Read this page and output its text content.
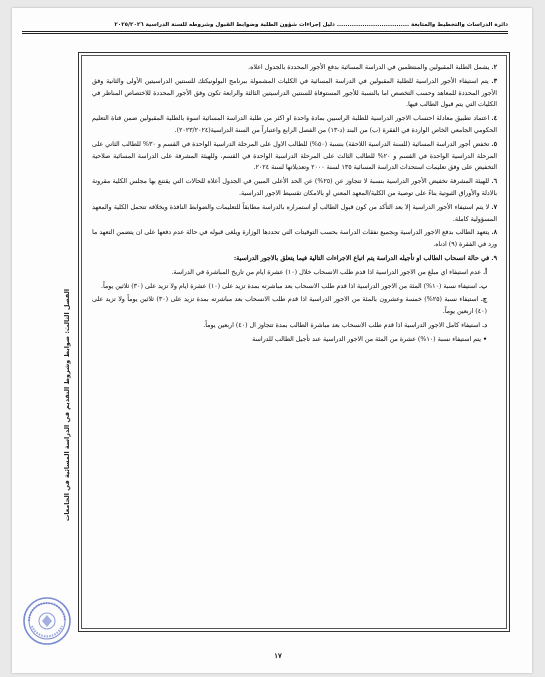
دائرة الدراسات والتخطيط والمتابعة .................................. دليل إجراءات شؤون الطلبة وضوابط القبول وشروطه للسنة الدراسية ٢٠٢٥/٢٠٢٦
الفصل الثالث: ضوابط وشروط التقديم في الدراسة المسائية في الجامعات

٢. يشمل الطلبة المقبولين والمنتظمين في الدراسة المسائية بدفع الأجور المحددة بالجدول اعلاه.

٣. يتم استيفاء الأجور الدراسية للطلبة المقبولين في الدراسة المسائية في الكليات المشمولة ببرنامج البولونيكتك للسنتين الدراسيتين الأولى والثانية وفق الأجور المحددة للمعاهد وحسب التخصص اما بالنسبة للأجور المستوفاة للسنتين الدراسيتين الثالثة والرابعة تكون وفق الأجور المحددة للاختصاص المناظر في الكليات التي يتم قبول الطالب فيها.

٤. اعتماد تطبيق معادلة احتساب الاجور الدراسية للطلبة الراسبين بمادة واحدة او اكثر من طلبة الدراسة المسائية اسوة بالطلبة المقبولين ضمن قناة التعليم الحكومي الجامعي الخاص الواردة في الفقرة (ب) من البند (د-١٣) من الفصل الرابع واعتباراً من السنة الدراسية(٢٠٢٣/٢٠٢٤).

٥. تخفض أجور الدراسة المسائية (للسنة الدراسية اللاحقة) بنسبة (٥٠%) للطالب الاول على المرحلة الدراسية الواحدة في القسم و ٣٠% للطالب الثاني على المرحلة الدراسية الواحدة في القسم و ٢٠% للطالب الثالث على المرحلة الدراسية الواحدة في القسم، وللهيئة المشرفة على الدراسة المسائية صلاحية التخفيض على وفق تعليمات استحداث الدراسة المسائية ١٣٥ لسنة ٢٠٠٠ وتعديلاتها لسنة ٢٠٢٤.

٦. للهيئة المشرفة تخفيض الأجور الدراسية بنسبة لا تتجاوز عن (٢٥%) عن الحد الأعلى المبين في الجدول أعلاه للحالات التي يقتنع بها مجلس الكلية مقرونة بالادلة والأوراق الثبوتية بناءً على توصية من الكلية/المعهد المعني او بالامكان تقسيط الاجور الدراسية.

٧. لا يتم استيفاء الأجور الدراسية إلا بعد التأكد من كون قبول الطالب أو استمراره بالدراسة مطابقاً للتعليمات والضوابط النافذة ويخلافه تتحمل الكلية والمعهد المسؤولية كاملة.

٨. يتعهد الطالب بدفع الاجور الدراسية وبجميع نفقات الدراسة بحسب التوقيتات التي تحددها الوزارة ويلغى قبوله في حالة عدم دفعها على ان يتضمن التعهد ما ورد في الفقرة (٩) ادناه.

٩. في حالة انسحاب الطالب او تأجيله الدراسة يتم اتباع الاجراءات التالية فيما يتعلق بالاجور الدراسية:

أ. عدم استيفاء اي مبلغ من الاجور الدراسية اذا قدم طلب الانسحاب خلال (١٠) عشرة ايام من تاريخ المباشرة في الدراسة.

ب. استيفاء نسبة (١٠%) المئة من الاجور الدراسية اذا قدم طلب الانسحاب بعد مباشرته بمدة تزيد على (١٠) عشرة ايام ولا تزيد على (٣٠) ثلاثين يوماً.

ج. استيفاء نسبة (٢٥%) خمسة وعشرون بالمئة من الاجور الدراسية اذا قدم طلب الانسحاب بعد مباشرته بمدة تزيد على (٣٠) ثلاثين يوماً ولا تزيد على (٤٠) اربعين يوماً.

د. استيفاء كامل الاجور الدراسية اذا قدم طلب الانسحاب بعد مباشرة الطالب بمدة تتجاوز ال (٤٠) اربعين يوماً.

• يتم استيفاء نسبة (١٠%) عشرة من المئة من الاجور الدراسية عند تأجيل الطالب للدراسة

١٧
